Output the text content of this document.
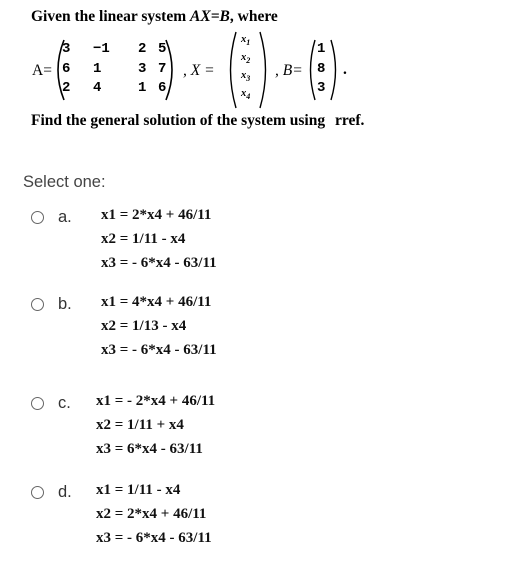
Given the linear system AX=B, where
A=
3 −1 2 5
6 1	3 7
2 4	1 6
, X =
$x_1$
$x_2$
$x_3$
$x_4$
, B=
1
8
3
.
Find the general solution of the system using rref.
Select one:
a. x1 = 2*x4 + 46/11
x2 = 1/11 - x4
x3 = - 6*x4 - 63/11
b. x1 = 4*x4 + 46/11
x2 = 1/13 - x4
x3 = - 6*x4 - 63/11
c. x1 = - 2*x4 + 46/11
x2 = 1/11 + x4
x3 = 6*x4 - 63/11
d. x1 = 1/11 - x4
x2 = 2*x4 + 46/11
x3 = - 6*x4 - 63/11
